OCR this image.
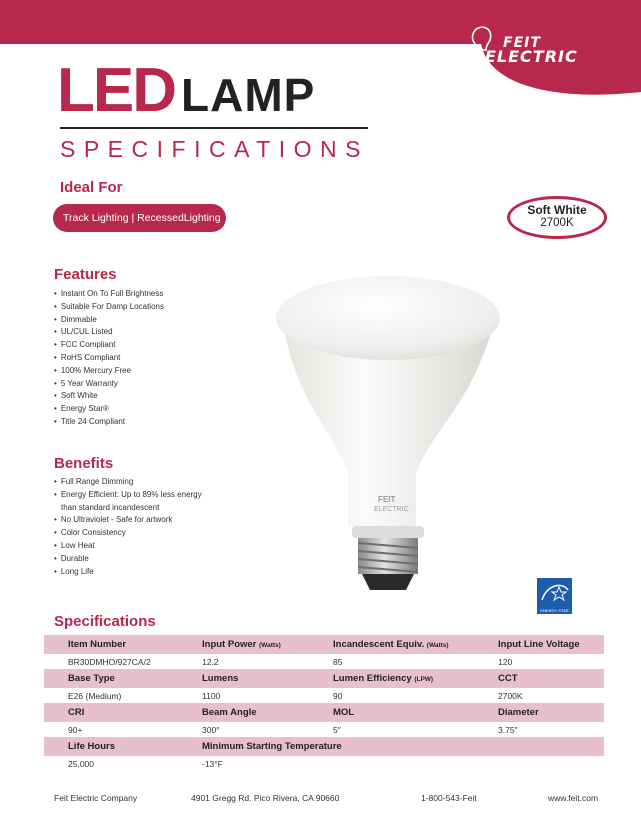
FEIT
ELECTRIC
LED LAMP
SPECIFICATIONS
Ideal For
Track Lighting | RecessedLighting
Soft White
2700K
Features
• Instant On To Full Brightness
• Suitable For Damp Locations
• Dimmable
• UL/CUL Listed
• FCC Compliant
• RoHS Compliant
• 100% Mercury Free
• 5 Year Warranty
• Soft White
• Energy Star®
• Title 24 Compliant
Benefits
• Full Range Dimming
• Energy Efficient: Up to 89% less energy
than standard incandescent
• No Ultraviolet - Safe for artwork
• Color Consistency
• Low Heat
• Durable
• Long Life
FEIT
ELECTRIC
ENERGY STAR
Specifications
Item Number	Input Power (Watts)	Incandescent Equiv. (Watts)	Input Line Voltage
BR30DMHO/927CA/2	12.2	85	120
Base Type	Lumens	Lumen Efficiency (LPW)	CCT
E26 (Medium)	1100	90	2700K
CRI	Beam Angle	MOL	Diameter
90+	300°	5″	3.75″
Life Hours	Minimum Starting Temperature		
25,000	-13°F		
Feit Electric Company	4901 Gregg Rd. Pico Rivera, CA 90660	1-800-543-Feit	www.feit.com
